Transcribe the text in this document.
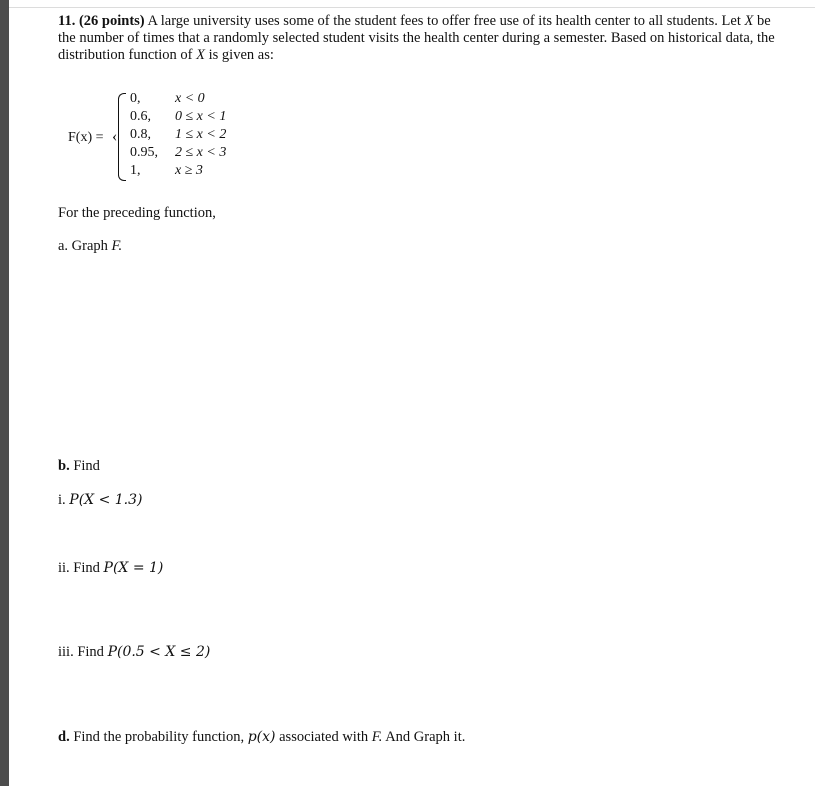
11. (26 points) A large university uses some of the student fees to offer free use of its health center to all students. Let X be the number of times that a randomly selected student visits the health center during a semester. Based on historical data, the distribution function of X is given as:

F(x) = ‹
0, x < 0
0.6, 0 ≤ x < 1
0.8, 1 ≤ x < 2
0.95, 2 ≤ x < 3
1, x ≥ 3
For the preceding function,
a. Graph F.
b. Find
i. P(X < 1.3)
ii. Find P(X = 1)
iii. Find P(0.5 < X ≤ 2)
d. Find the probability function, p(x) associated with F. And Graph it.
